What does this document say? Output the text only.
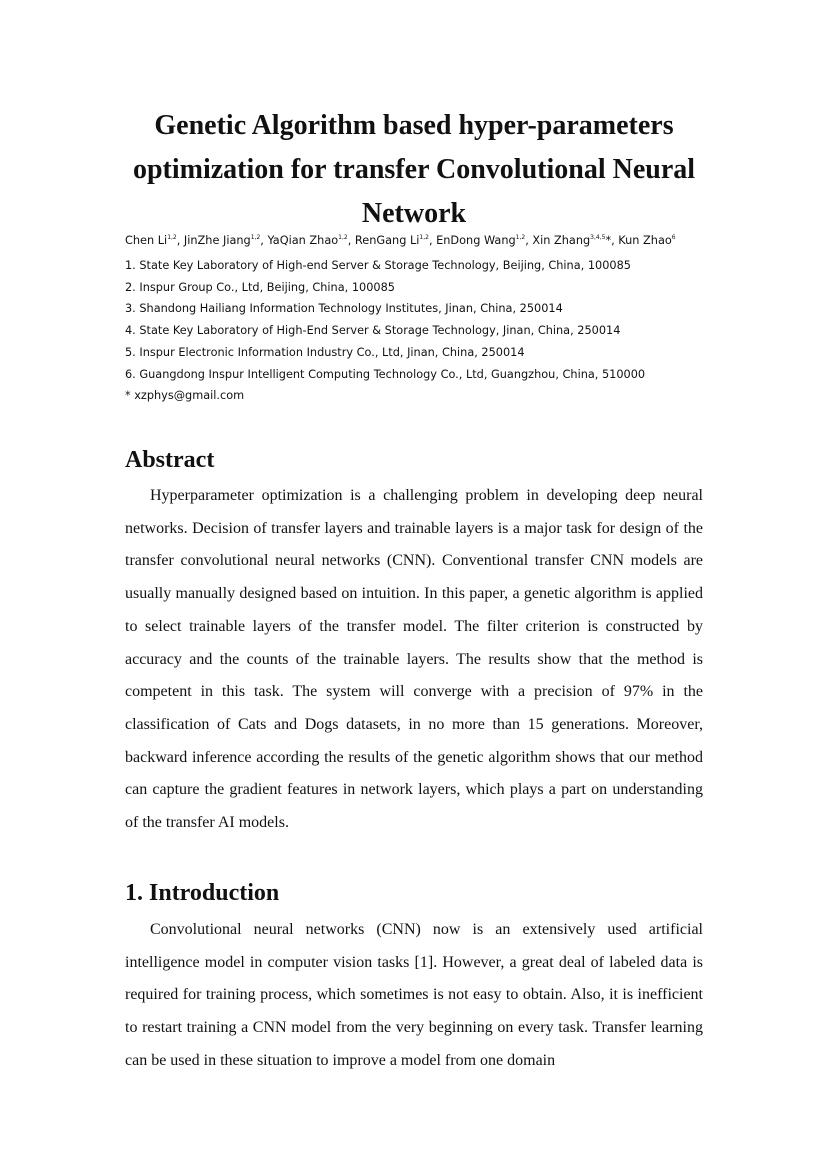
Genetic Algorithm based hyper-parameters
optimization for transfer Convolutional Neural
Network
Chen Li$^{1,2}$, JinZhe Jiang$^{1,2}$, YaQian Zhao$^{1,2}$, RenGang Li$^{1,2}$, EnDong Wang$^{1,2}$, Xin Zhang$^{3,4,5}$*, Kun Zhao$^6$
1. State Key Laboratory of High-end Server & Storage Technology, Beijing, China, 100085
2. Inspur Group Co., Ltd, Beijing, China, 100085
3. Shandong Hailiang Information Technology Institutes, Jinan, China, 250014
4. State Key Laboratory of High-End Server & Storage Technology, Jinan, China, 250014
5. Inspur Electronic Information Industry Co., Ltd, Jinan, China, 250014
6. Guangdong Inspur Intelligent Computing Technology Co., Ltd, Guangzhou, China, 510000
* xzphys@gmail.com
Abstract

Hyperparameter optimization is a challenging problem in developing deep neural networks. Decision of transfer layers and trainable layers is a major task for design of the transfer convolutional neural networks (CNN). Conventional transfer CNN models are usually manually designed based on intuition. In this paper, a genetic algorithm is applied to select trainable layers of the transfer model. The filter criterion is constructed by accuracy and the counts of the trainable layers. The results show that the method is competent in this task. The system will converge with a precision of 97% in the classification of Cats and Dogs datasets, in no more than 15 generations. Moreover, backward inference according the results of the genetic algorithm shows that our method can capture the gradient features in network layers, which plays a part on understanding of the transfer AI models.

1. Introduction

Convolutional neural networks (CNN) now is an extensively used artificial intelligence model in computer vision tasks [1]. However, a great deal of labeled data is required for training process, which sometimes is not easy to obtain. Also, it is inefficient to restart training a CNN model from the very beginning on every task. Transfer learning can be used in these situation to improve a model from one domain
